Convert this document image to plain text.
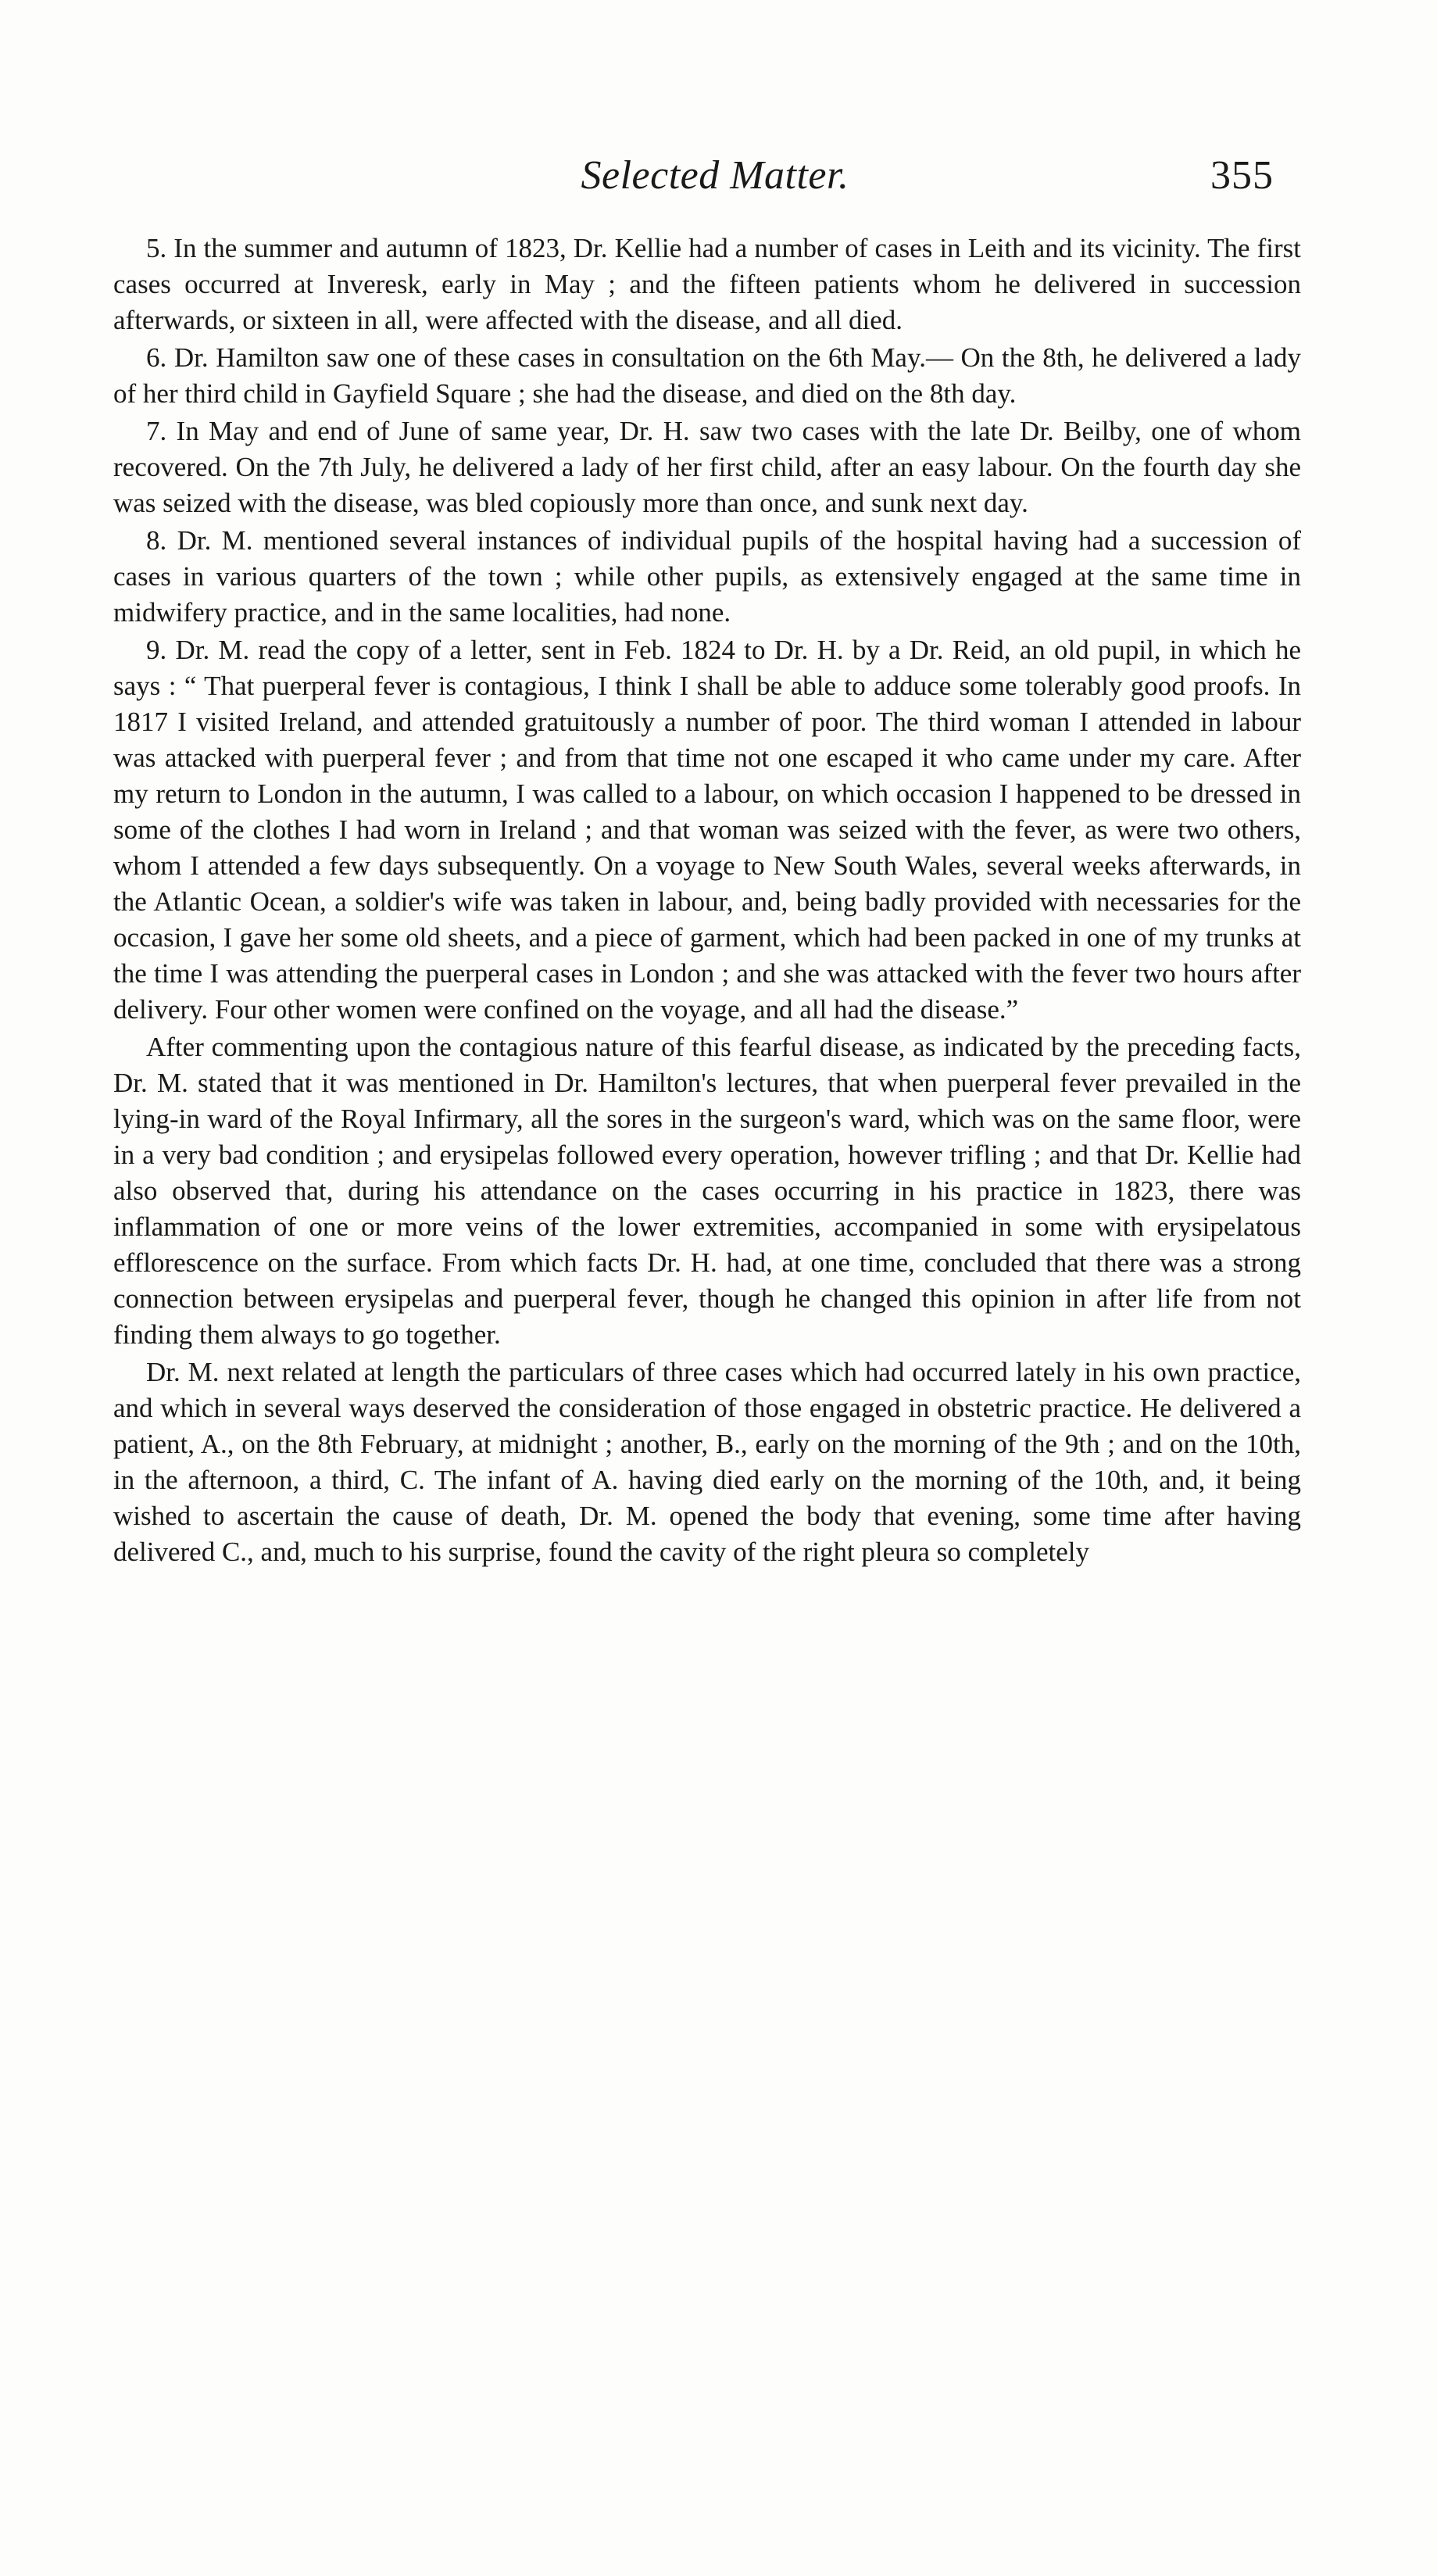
Selected Matter.	355

5. In the summer and autumn of 1823, Dr. Kellie had a number of cases in Leith and its vicinity. The first cases occurred at Inveresk, early in May ; and the fifteen patients whom he delivered in succession afterwards, or sixteen in all, were affected with the disease, and all died.

6. Dr. Hamilton saw one of these cases in consultation on the 6th May.— On the 8th, he delivered a lady of her third child in Gayfield Square ; she had the disease, and died on the 8th day.

7. In May and end of June of same year, Dr. H. saw two cases with the late Dr. Beilby, one of whom recovered. On the 7th July, he delivered a lady of her first child, after an easy labour. On the fourth day she was seized with the disease, was bled copiously more than once, and sunk next day.

8. Dr. M. mentioned several instances of individual pupils of the hospital having had a succession of cases in various quarters of the town ; while other pupils, as extensively engaged at the same time in midwifery practice, and in the same localities, had none.

9. Dr. M. read the copy of a letter, sent in Feb. 1824 to Dr. H. by a Dr. Reid, an old pupil, in which he says : “ That puerperal fever is contagious, I think I shall be able to adduce some tolerably good proofs. In 1817 I visited Ireland, and attended gratuitously a number of poor. The third woman I attended in labour was attacked with puerperal fever ; and from that time not one escaped it who came under my care. After my return to London in the autumn, I was called to a labour, on which occasion I happened to be dressed in some of the clothes I had worn in Ireland ; and that woman was seized with the fever, as were two others, whom I attended a few days subsequently. On a voyage to New South Wales, several weeks afterwards, in the Atlantic Ocean, a soldier's wife was taken in labour, and, being badly provided with necessaries for the occasion, I gave her some old sheets, and a piece of garment, which had been packed in one of my trunks at the time I was attending the puerperal cases in London ; and she was attacked with the fever two hours after delivery. Four other women were confined on the voyage, and all had the disease.”

After commenting upon the contagious nature of this fearful disease, as indicated by the preceding facts, Dr. M. stated that it was mentioned in Dr. Hamilton's lectures, that when puerperal fever prevailed in the lying-in ward of the Royal Infirmary, all the sores in the surgeon's ward, which was on the same floor, were in a very bad condition ; and erysipelas followed every operation, however trifling ; and that Dr. Kellie had also observed that, during his attendance on the cases occurring in his practice in 1823, there was inflammation of one or more veins of the lower extremities, accompanied in some with erysipelatous efflorescence on the surface. From which facts Dr. H. had, at one time, concluded that there was a strong connection between erysipelas and puerperal fever, though he changed this opinion in after life from not finding them always to go together.

Dr. M. next related at length the particulars of three cases which had occurred lately in his own practice, and which in several ways deserved the consideration of those engaged in obstetric practice. He delivered a patient, A., on the 8th February, at midnight ; another, B., early on the morning of the 9th ; and on the 10th, in the afternoon, a third, C. The infant of A. having died early on the morning of the 10th, and, it being wished to ascertain the cause of death, Dr. M. opened the body that evening, some time after having delivered C., and, much to his surprise, found the cavity of the right pleura so completely
